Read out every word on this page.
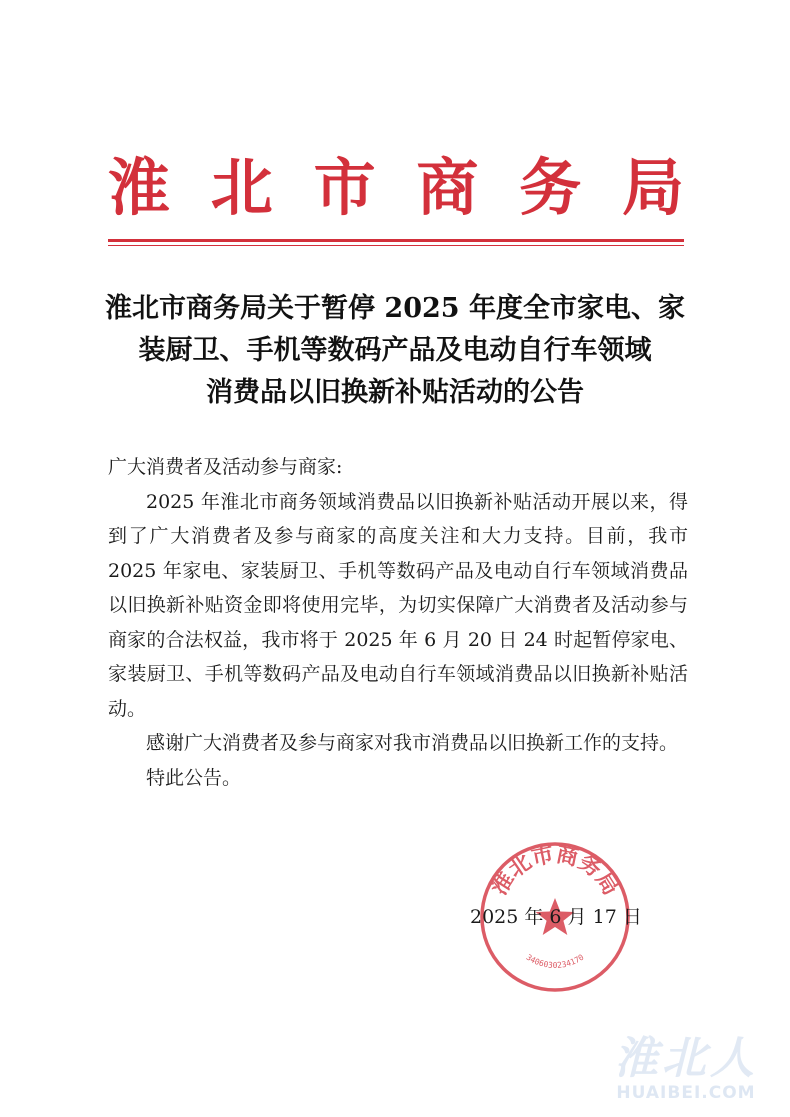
淮 北 市 商 务 局
淮北市商务局关于暂停 2025 年度全市家电、家
装厨卫、手机等数码产品及电动自行车领域
消费品以旧换新补贴活动的公告

广大消费者及活动参与商家:

2025 年淮北市商务领域消费品以旧换新补贴活动开展以来，得到了广大消费者及参与商家的高度关注和大力支持。目前，我市 2025 年家电、家装厨卫、手机等数码产品及电动自行车领域消费品以旧换新补贴资金即将使用完毕，为切实保障广大消费者及活动参与商家的合法权益，我市将于 2025 年 6 月 20 日 24 时起暂停家电、家装厨卫、手机等数码产品及电动自行车领域消费品以旧换新补贴活动。

感谢广大消费者及参与商家对我市消费品以旧换新工作的支持。

特此公告。

淮北市商务局
3406030234170
2025 年 6 月 17 日
淮北人
HUAIBEI.COM
